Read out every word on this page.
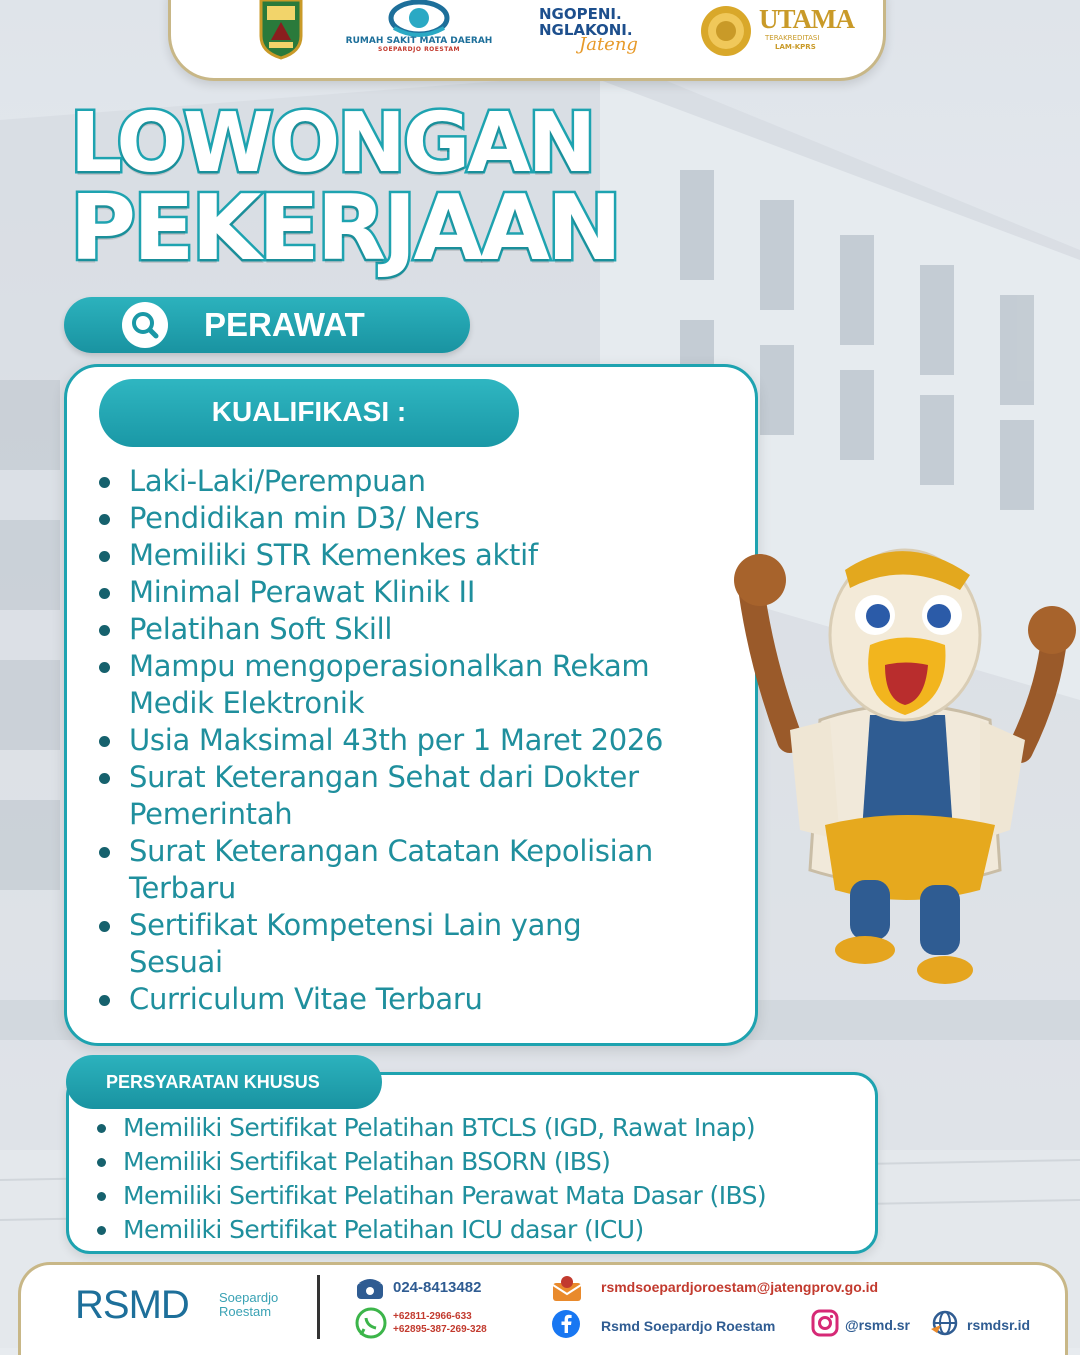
RUMAH SAKIT MATA DAERAH
SOEPARDJO ROESTAM
NGOPENI.
NGLAKONI.
Jateng
UTAMA
TERAKREDITASI
LAM-KPRS
LOWONGAN
PEKERJAAN
PERAWAT
KUALIFIKASI :
Laki-Laki/Perempuan
Pendidikan min D3/ Ners
Memiliki STR Kemenkes aktif
Minimal Perawat Klinik II
Pelatihan Soft Skill
Mampu mengoperasionalkan Rekam Medik Elektronik
Usia Maksimal 43th per 1 Maret 2026
Surat Keterangan Sehat dari Dokter Pemerintah
Surat Keterangan Catatan Kepolisian Terbaru
Sertifikat Kompetensi Lain yang Sesuai
Curriculum Vitae Terbaru
PERSYARATAN KHUSUS
Memiliki Sertifikat Pelatihan BTCLS (IGD, Rawat Inap)
Memiliki Sertifikat Pelatihan BSORN (IBS)
Memiliki Sertifikat Pelatihan Perawat Mata Dasar (IBS)
Memiliki Sertifikat Pelatihan ICU dasar (ICU)
RSMD Soepardjo
Roestam
024-8413482
+62811-2966-633
+62895-387-269-328
rsmdsoepardjoroestam@jatengprov.go.id
Rsmd Soepardjo Roestam	@rsmd.sr	rsmdsr.id
